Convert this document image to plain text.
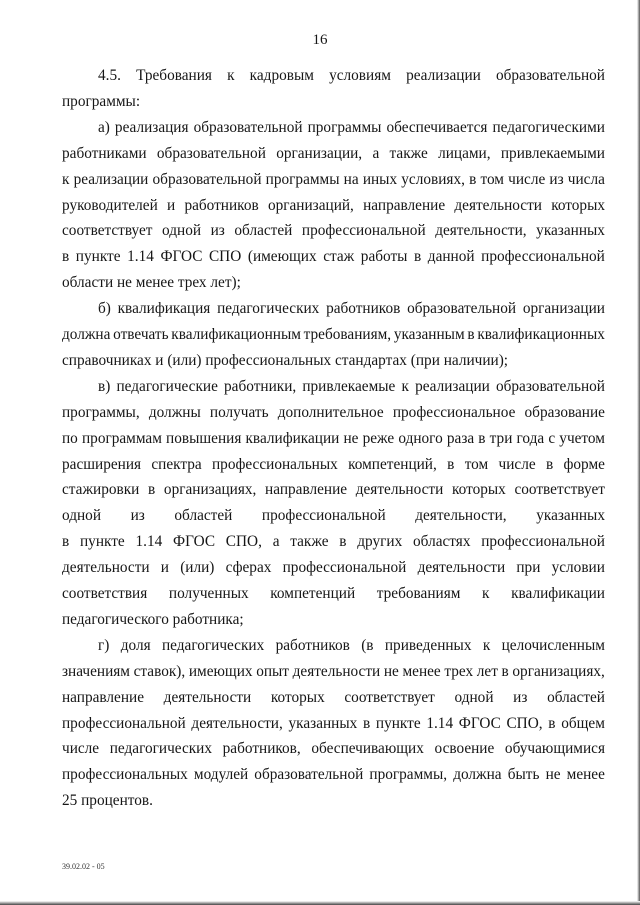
16
4.5. Требования к кадровым условиям реализации образовательной
программы:
а) реализация образовательной программы обеспечивается педагогическими
работниками образовательной организации, а также лицами, привлекаемыми
к реализации образовательной программы на иных условиях, в том числе из числа
руководителей и работников организаций, направление деятельности которых
соответствует одной из областей профессиональной деятельности, указанных
в пункте 1.14 ФГОС СПО (имеющих стаж работы в данной профессиональной
области не менее трех лет);
б) квалификация педагогических работников образовательной организации
должна отвечать квалификационным требованиям, указанным в квалификационных
справочниках и (или) профессиональных стандартах (при наличии);
в) педагогические работники, привлекаемые к реализации образовательной
программы, должны получать дополнительное профессиональное образование
по программам повышения квалификации не реже одного раза в три года с учетом
расширения спектра профессиональных компетенций, в том числе в форме
стажировки в организациях, направление деятельности которых соответствует
одной из областей профессиональной деятельности, указанных
в пункте 1.14 ФГОС СПО, а также в других областях профессиональной
деятельности и (или) сферах профессиональной деятельности при условии
соответствия полученных компетенций требованиям к квалификации
педагогического работника;
г) доля педагогических работников (в приведенных к целочисленным
значениям ставок), имеющих опыт деятельности не менее трех лет в организациях,
направление деятельности которых соответствует одной из областей
профессиональной деятельности, указанных в пункте 1.14 ФГОС СПО, в общем
числе педагогических работников, обеспечивающих освоение обучающимися
профессиональных модулей образовательной программы, должна быть не менее
25 процентов.
39.02.02 - 05
